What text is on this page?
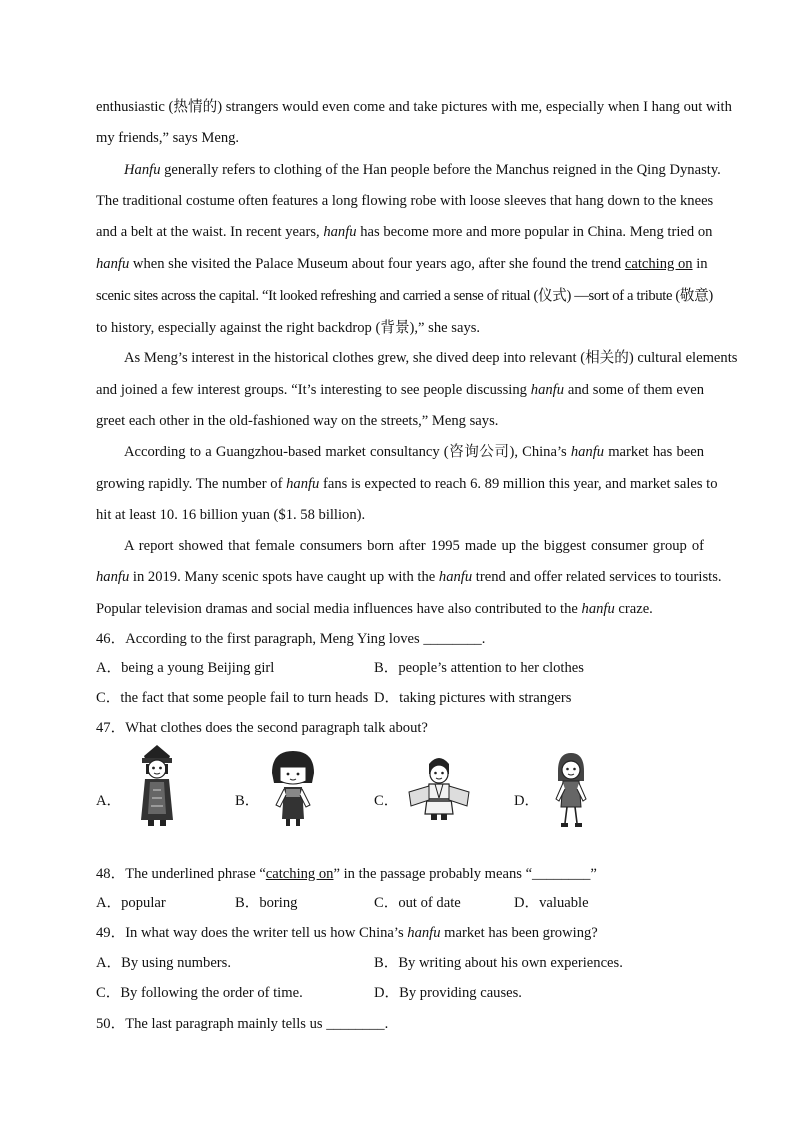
enthusiastic (热情的) strangers would even come and take pictures with me, especially when I hang out with
my friends,” says Meng.
Hanfu generally refers to clothing of the Han people before the Manchus reigned in the Qing Dynasty.
The traditional costume often features a long flowing robe with loose sleeves that hang down to the knees
and a belt at the waist. In recent years, hanfu has become more and more popular in China. Meng tried on
hanfu when she visited the Palace Museum about four years ago, after she found the trend catching on in
scenic sites across the capital. “It looked refreshing and carried a sense of ritual (仪式) —sort of a tribute (敬意)
to history, especially against the right backdrop (背景),” she says.
As Meng’s interest in the historical clothes grew, she dived deep into relevant (相关的) cultural elements
and joined a few interest groups. “It’s interesting to see people discussing hanfu and some of them even
greet each other in the old-fashioned way on the streets,” Meng says.
According to a Guangzhou-based market consultancy (咨询公司), China’s hanfu market has been
growing rapidly. The number of hanfu fans is expected to reach 6. 89 million this year, and market sales to
hit at least 10. 16 billion yuan ($1. 58 billion).
A report showed that female consumers born after 1995 made up the biggest consumer group of
hanfu in 2019. Many scenic spots have caught up with the hanfu trend and offer related services to tourists.
Popular television dramas and social media influences have also contributed to the hanfu craze.
46．According to the first paragraph, Meng Ying loves ________.
A．being a young Beijing girl	B．people’s attention to her clothes
C．the fact that some people fail to turn heads D．taking pictures with strangers
47．What clothes does the second paragraph talk about?
A．	B．	C．	D．
48．The underlined phrase “catching on” in the passage probably means “________”
A．popular	B．boring	C．out of date	D．valuable
49．In what way does the writer tell us how China’s hanfu market has been growing?
A．By using numbers.	B．By writing about his own experiences.
C．By following the order of time.	D．By providing causes.
50．The last paragraph mainly tells us ________.
